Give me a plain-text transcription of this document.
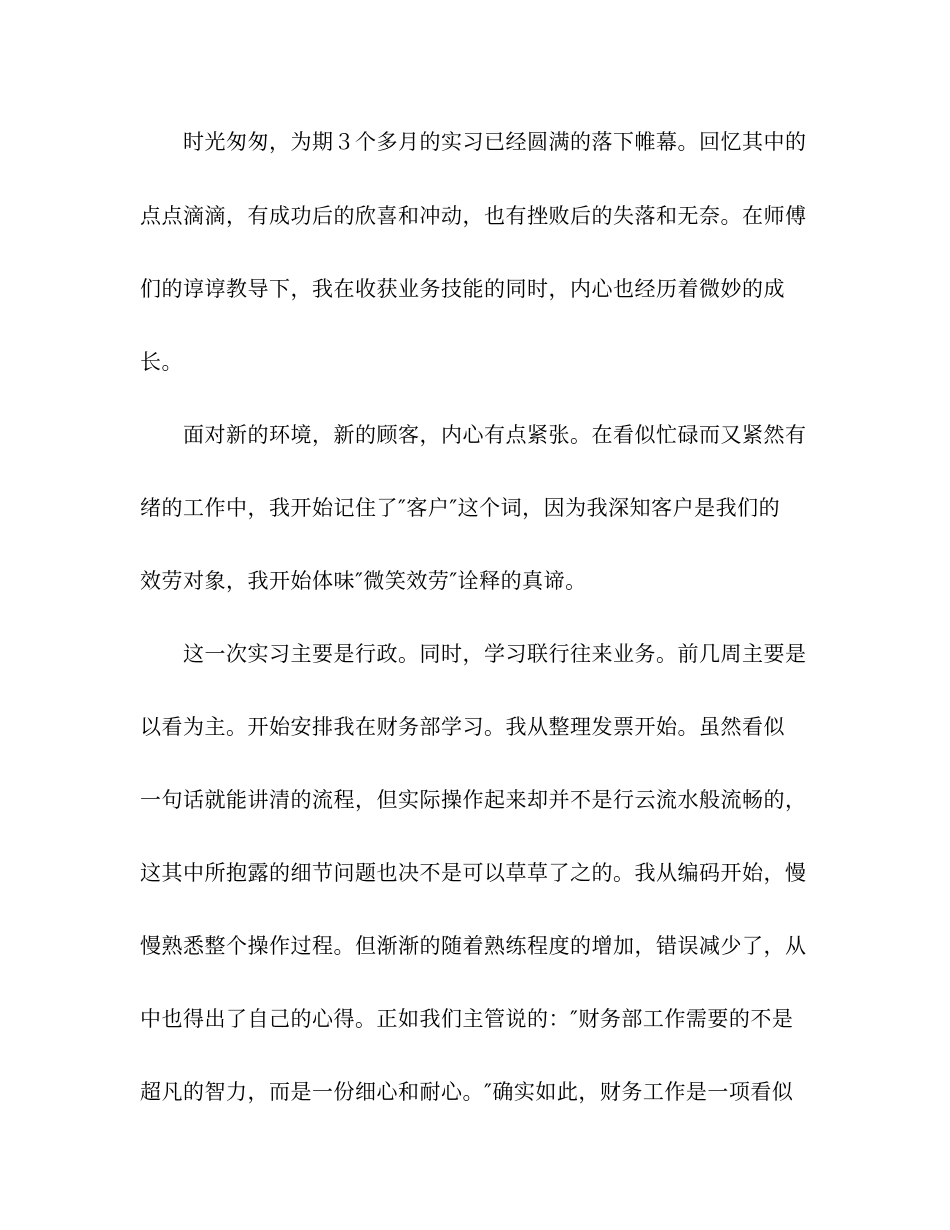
时光匆匆，为期３个多月的实习已经圆满的落下帷幕。回忆其中的
点点滴滴，有成功后的欣喜和冲动，也有挫败后的失落和无奈。在师傅
们的谆谆教导下，我在收获业务技能的同时，内心也经历着微妙的成
长。
面对新的环境，新的顾客，内心有点紧张。在看似忙碌而又紧然有
绪的工作中，我开始记住了″客户″这个词，因为我深知客户是我们的
效劳对象，我开始体味″微笑效劳″诠释的真谛。
这一次实习主要是行政。同时，学习联行往来业务。前几周主要是
以看为主。开始安排我在财务部学习。我从整理发票开始。虽然看似
一句话就能讲清的流程，但实际操作起来却并不是行云流水般流畅的，
这其中所抱露的细节问题也决不是可以草草了之的。我从编码开始，慢
慢熟悉整个操作过程。但渐渐的随着熟练程度的增加，错误减少了，从
中也得出了自己的心得。正如我们主管说的：″财务部工作需要的不是
超凡的智力，而是一份细心和耐心。″确实如此，财务工作是一项看似
